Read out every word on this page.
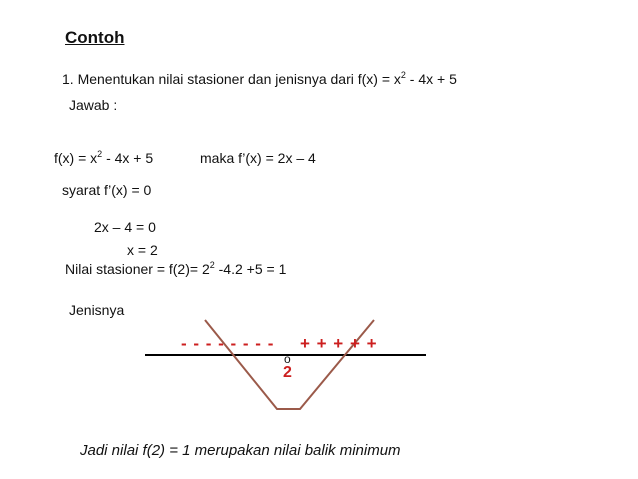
Contoh
1. Menentukan nilai stasioner dan jenisnya dari $f(x) = x^2 - 4x + 5$
Jawab :
$f(x) = x^2 - 4x + 5$	maka f’(x) = 2x – 4
syarat f’(x) = 0
2x – 4 = 0
x = 2
Nilai stasioner = $f(2)= 2^2$ -4.2 +5 = 1
Jenisnya
- - - - - - - - + + + + +
o
2
Jadi nilai f(2) = 1 merupakan nilai balik minimum
